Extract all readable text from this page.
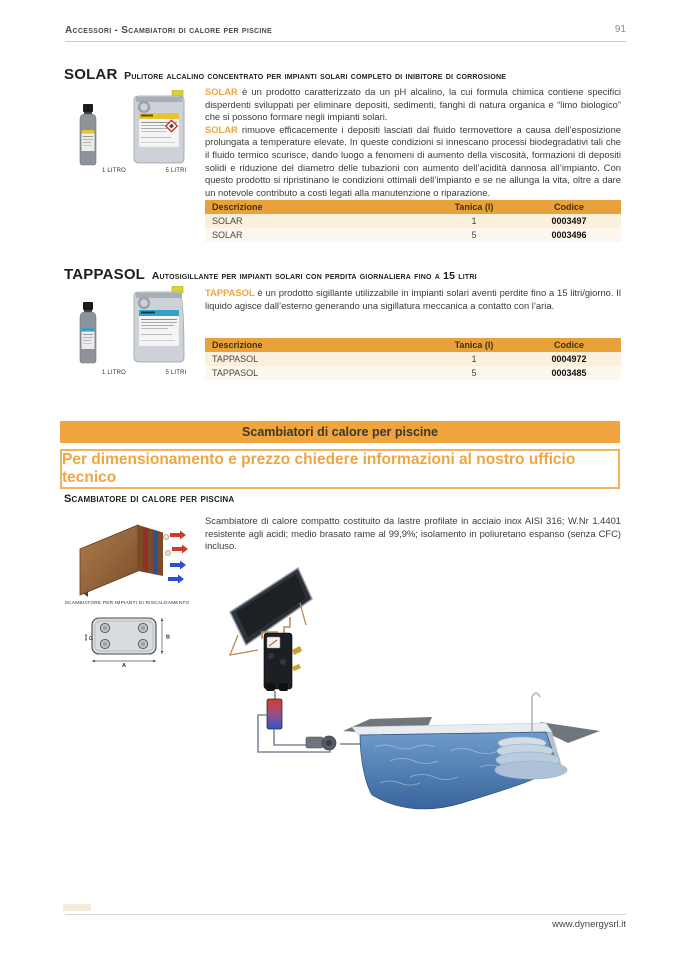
Accessori - Scambiatori di calore per piscine	91
SOLAR Pulitore alcalino concentrato per impianti solari completo di inibitore di corrosione
1 LITRO	5 LITRI

SOLAR è un prodotto caratterizzato da un pH alcalino, la cui formula chimica contiene specifici disperdenti sviluppati per eliminare depositi, sedimenti, fanghi di natura organica e “limo biologico” che si possono formare negli impianti solari.

SOLAR rimuove efficacemente i depositi lasciati dal fluido termovettore a causa dell’esposizione prolungata a temperature elevate. In queste condizioni si innescano processi biodegradativi tali che il fluido termico scurisce, dando luogo a fenomeni di aumento della viscosità, formazioni di depositi solidi e riduzione del diametro delle tubazioni con aumento dell’acidità dannosa all’impianto. Con questo prodotto si ripristinano le condizioni ottimali dell’impianto e se ne allunga la vita, oltre a dare un notevole contributo a costi legati alla manutenzione o riparazione.

Descrizione	Tanica (l)	Codice
SOLAR	1	0003497
SOLAR	5	0003496
TAPPASOL Autosigillante per impianti solari con perdita giornaliera fino a 15 litri
1 LITRO	5 LITRI

TAPPASOL è un prodotto sigillante utilizzabile in impianti solari aventi perdite fino a 15 litri/giorno. Il liquido agisce dall’esterno generando una sigillatura meccanica a contatto con l’aria.

Descrizione	Tanica (l)	Codice
TAPPASOL	1	0004972
TAPPASOL	5	0003485
Scambiatori di calore per piscine
Per dimensionamento e prezzo chiedere informazioni al nostro ufficio tecnico
Scambiatore di calore per piscina

Scambiatore di calore compatto costituito da lastre profilate in acciaio inox AISI 316; W.Nr 1.4401 resistente agli acidi; medio brasato rame al 99,9%; isolamento in poliuretano espanso (senza CFC) incluso.

SCAMBIATORE PER IMPIANTI DI RISCALDAMENTO
B
A
G
www.dynergysrl.it
